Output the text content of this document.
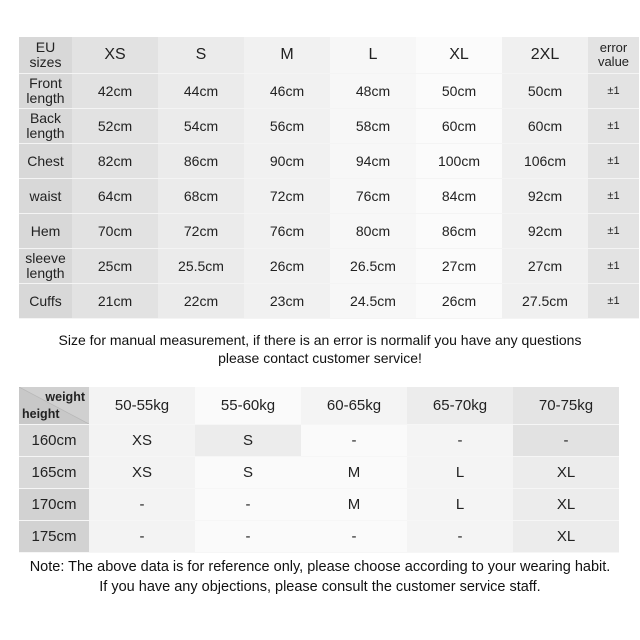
EU
sizes	XS	S	M	L	XL	2XL	error
value
Front
length	42cm	44cm	46cm	48cm	50cm	50cm	±1
Back
length	52cm	54cm	56cm	58cm	60cm	60cm	±1
Chest	82cm	86cm	90cm	94cm	100cm	106cm	±1
waist	64cm	68cm	72cm	76cm	84cm	92cm	±1
Hem	70cm	72cm	76cm	80cm	86cm	92cm	±1
sleeve
length	25cm	25.5cm	26cm	26.5cm	27cm	27cm	±1
Cuffs	21cm	22cm	23cm	24.5cm	26cm	27.5cm	±1
Size for manual measurement, if there is an error is normalif you have any questions
please contact customer service!
weight
height	50-55kg	55-60kg	60-65kg	65-70kg	70-75kg
160cm	XS	S	-	-	-
165cm	XS	S	M	L	XL
170cm	-	-	M	L	XL
175cm	-	-	-	-	XL
Note: The above data is for reference only, please choose according to your wearing habit.
If you have any objections, please consult the customer service staff.
